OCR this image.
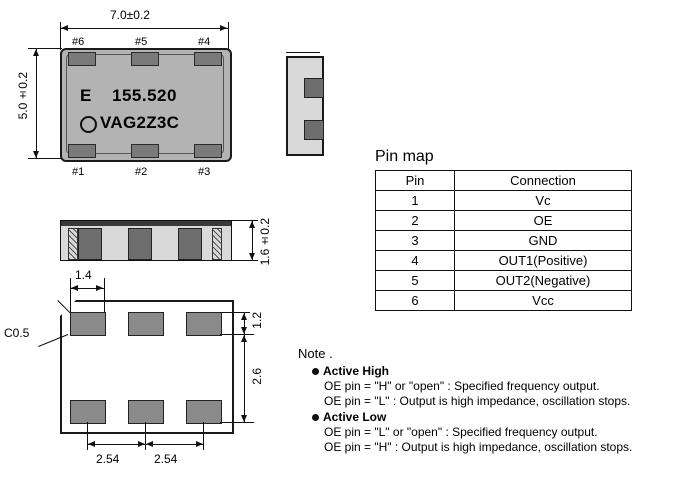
E 155.520
VAG2Z3C
#6	#5	#4
#1	#2	#3
7.0±0.2
5.0±0.2
1.6±0.2
C0.5
1.4
1.2
2.6
2.54	2.54
Pin map
Pin	Connection
1	Vc
2	OE
3	GND
4	OUT1(Positive)
5	OUT2(Negative)
6	Vcc
Note .
Active High
OE pin = "H" or "open" : Specified frequency output.
OE pin = "L" : Output is high impedance, oscillation stops.
Active Low
OE pin = "L" or "open" : Specified frequency output.
OE pin = "H" : Output is high impedance, oscillation stops.
